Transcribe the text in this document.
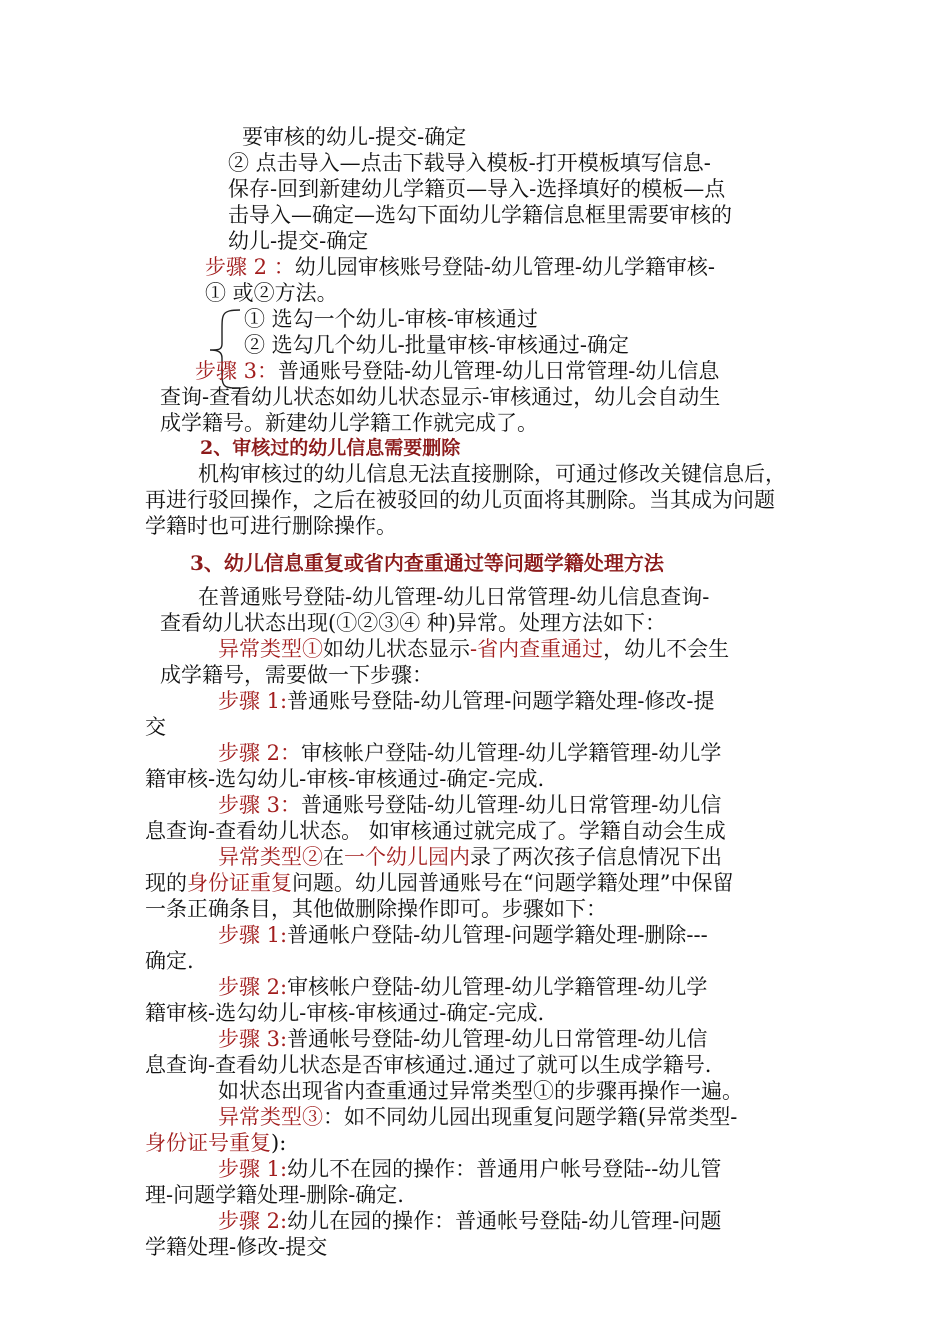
要审核的幼儿-提交-确定
② 点击导入—点击下载导入模板-打开模板填写信息-
保存-回到新建幼儿学籍页—导入-选择填好的模板—点
击导入—确定—选勾下面幼儿学籍信息框里需要审核的
幼儿-提交-确定
步骤 2 ：幼儿园审核账号登陆-幼儿管理-幼儿学籍审核-
① 或②方法。
① 选勾一个幼儿-审核-审核通过
② 选勾几个幼儿-批量审核-审核通过-确定
步骤 3：普通账号登陆-幼儿管理-幼儿日常管理-幼儿信息
查询-查看幼儿状态如幼儿状态显示-审核通过，幼儿会自动生
成学籍号。新建幼儿学籍工作就完成了。
2、审核过的幼儿信息需要删除
机构审核过的幼儿信息无法直接删除，可通过修改关键信息后，
再进行驳回操作，之后在被驳回的幼儿页面将其删除。当其成为问题
学籍时也可进行删除操作。
3、幼儿信息重复或省内查重通过等问题学籍处理方法
在普通账号登陆-幼儿管理-幼儿日常管理-幼儿信息查询-
查看幼儿状态出现(①②③④ 种)异常。处理方法如下：
异常类型①如幼儿状态显示-省内查重通过，幼儿不会生
成学籍号，需要做一下步骤：
步骤 1:普通账号登陆-幼儿管理-问题学籍处理-修改-提
交
步骤 2：审核帐户登陆-幼儿管理-幼儿学籍管理-幼儿学
籍审核-选勾幼儿-审核-审核通过-确定-完成.
步骤 3：普通账号登陆-幼儿管理-幼儿日常管理-幼儿信
息查询-查看幼儿状态。 如审核通过就完成了。学籍自动会生成
异常类型②在一个幼儿园内录了两次孩子信息情况下出
现的身份证重复问题。幼儿园普通账号在“问题学籍处理”中保留
一条正确条目，其他做删除操作即可。步骤如下：
步骤 1:普通帐户登陆-幼儿管理-问题学籍处理-删除---
确定.
步骤 2:审核帐户登陆-幼儿管理-幼儿学籍管理-幼儿学
籍审核-选勾幼儿-审核-审核通过-确定-完成.
步骤 3:普通帐号登陆-幼儿管理-幼儿日常管理-幼儿信
息查询-查看幼儿状态是否审核通过.通过了就可以生成学籍号.
如状态出现省内查重通过异常类型①的步骤再操作一遍。
异常类型③：如不同幼儿园出现重复问题学籍(异常类型-
身份证号重复):
步骤 1:幼儿不在园的操作：普通用户帐号登陆--幼儿管
理-问题学籍处理-删除-确定.
步骤 2:幼儿在园的操作：普通帐号登陆-幼儿管理-问题
学籍处理-修改-提交
